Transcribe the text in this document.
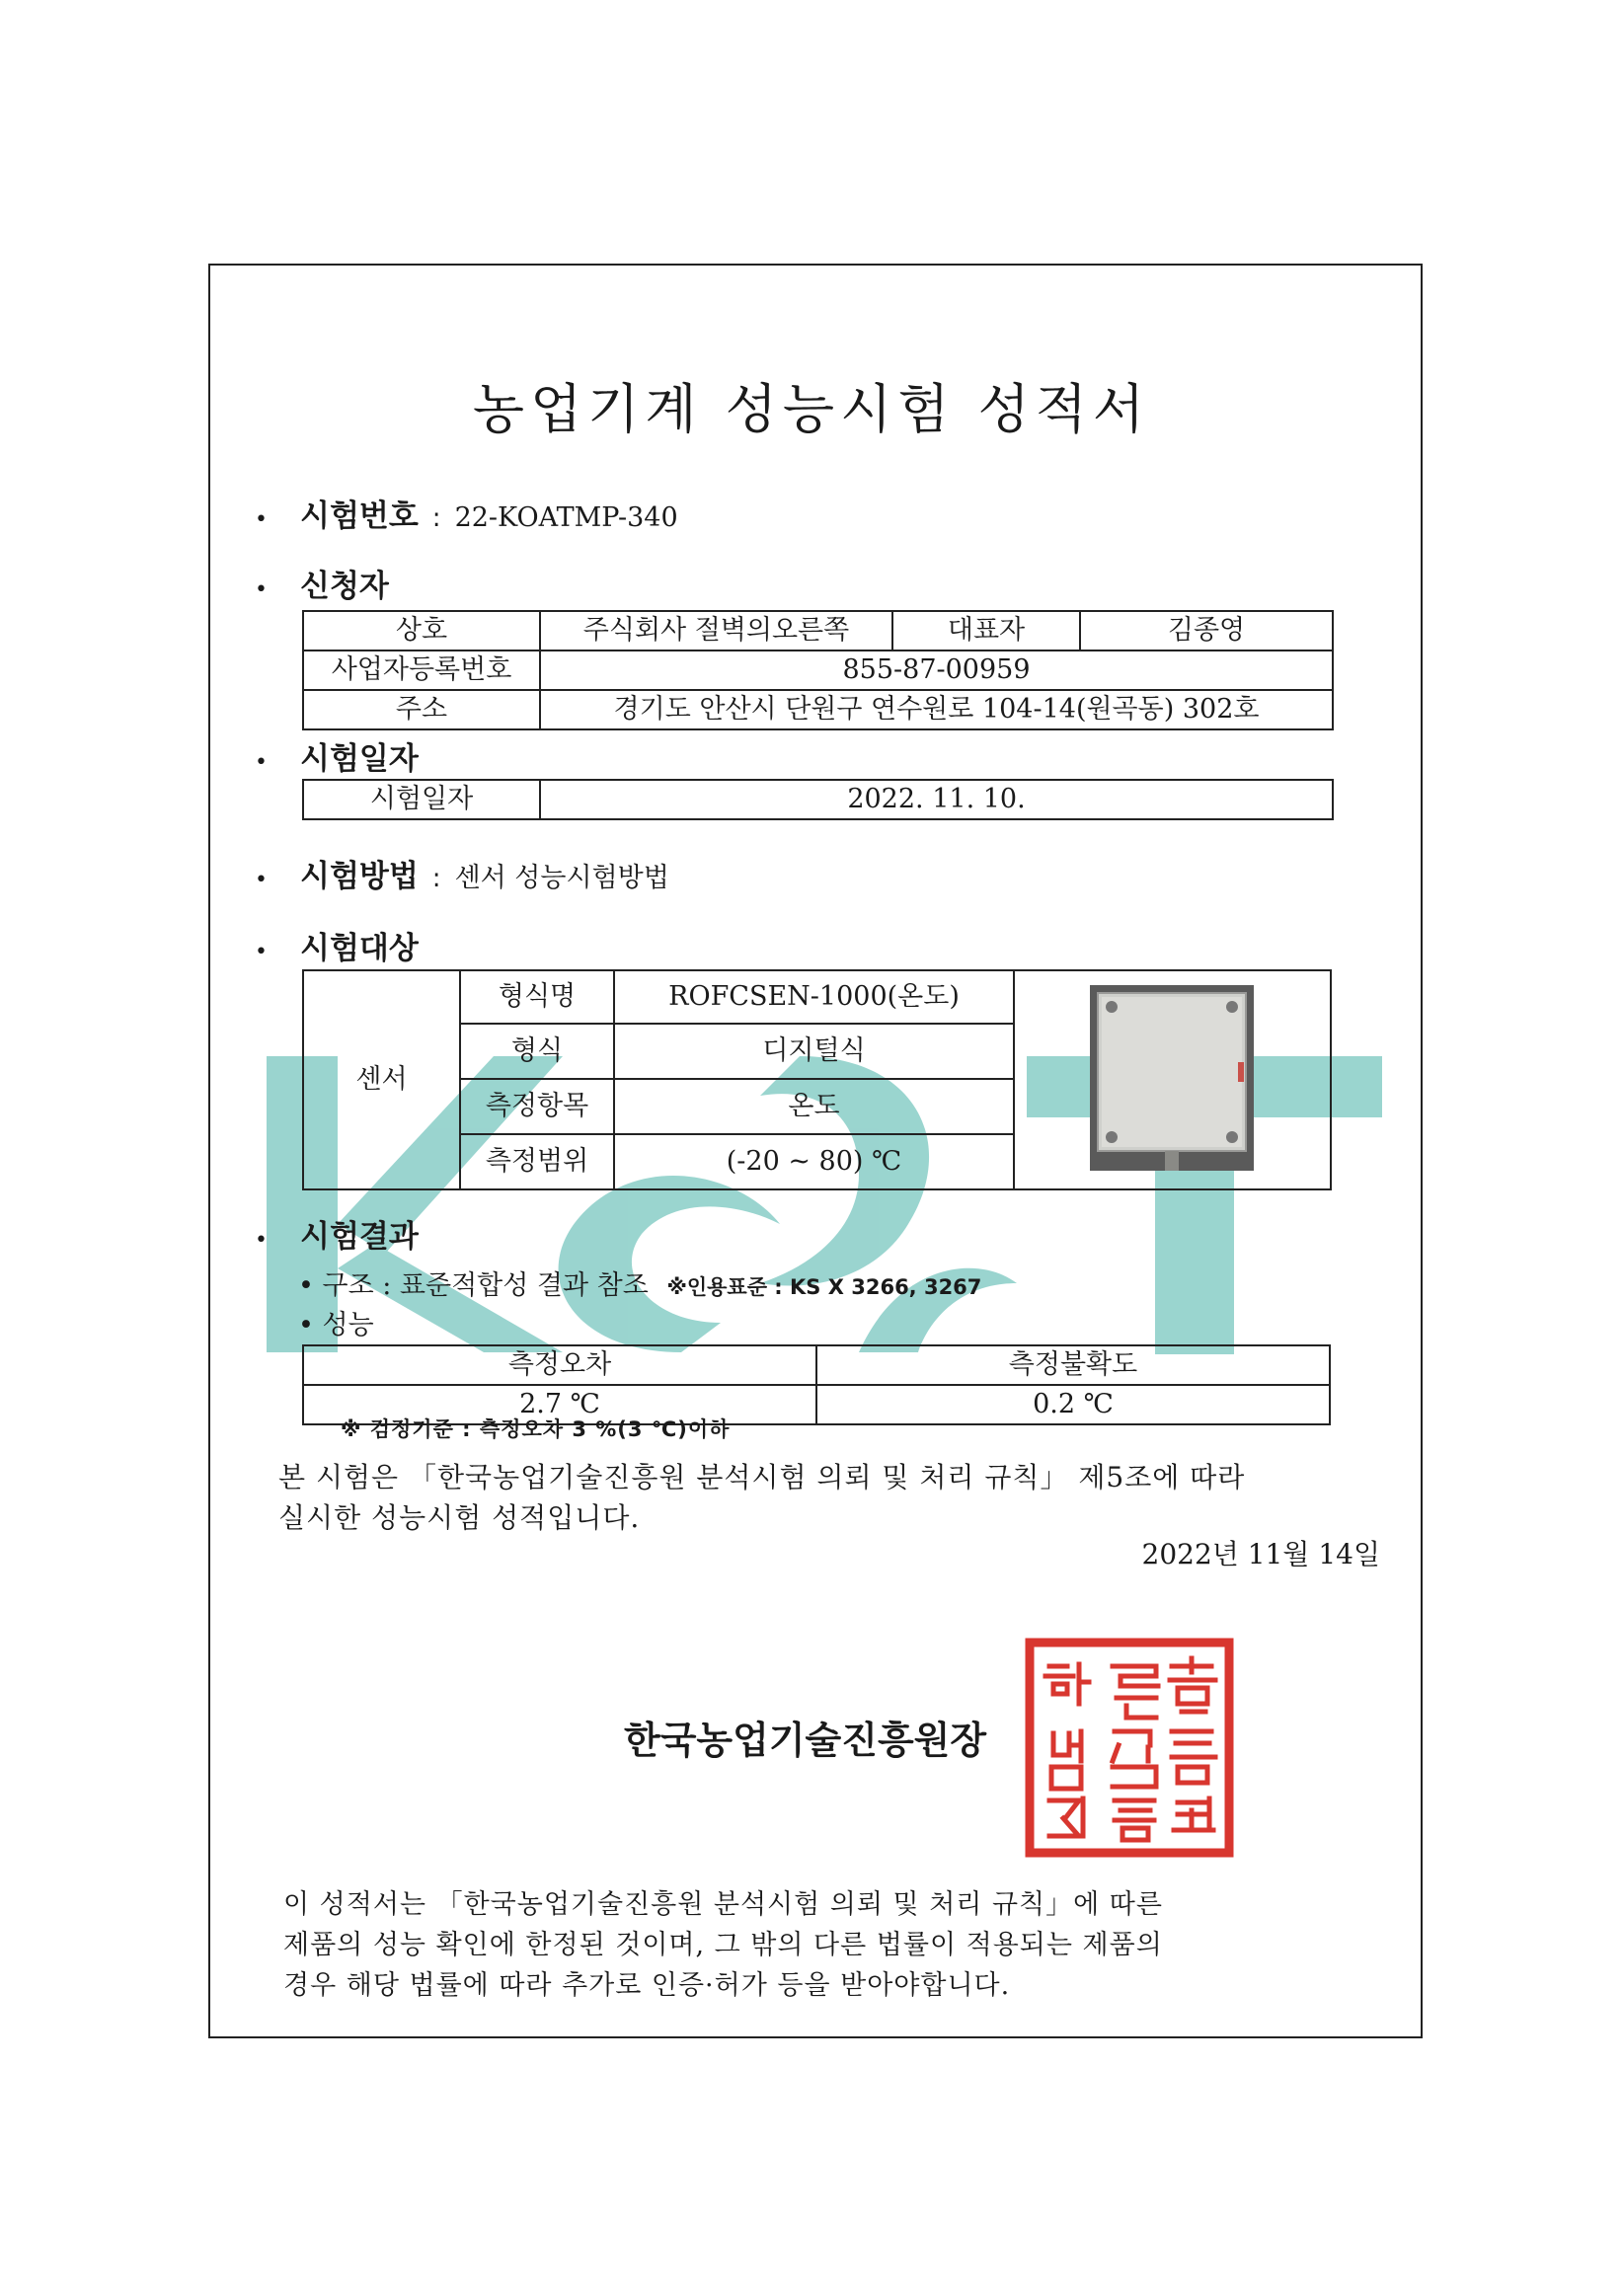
농업기계 성능시험 성적서
•	시험번호 : 22-KOATMP-340
•	신청자
상호	주식회사 절벽의오른쪽	대표자	김종영
사업자등록번호	855-87-00959		
주소	경기도 안산시 단원구 연수원로 104-14(원곡동) 302호		
•	시험일자
시험일자	2022. 11. 10.
•	시험방법 : 센서 성능시험방법
•	시험대상
센서	형식명	ROFCSEN-1000(온도)	

	형식	디지털식	
	측정항목	온도	
	측정범위	(-20 ~ 80) ℃	
•	시험결과
• 구조 : 표준적합성 결과 참조 ※인용표준 : KS X 3266, 3267
• 성능
측정오차	측정불확도
2.7 ℃	0.2 ℃
※ 검정기준 : 측정오차 3 %(3 ℃)이하
본 시험은 「한국농업기술진흥원 분석시험 의뢰 및 처리 규칙」 제5조에 따라
실시한 성능시험 성적입니다.
2022년 11월 14일
한국농업기술진흥원장
이 성적서는 「한국농업기술진흥원 분석시험 의뢰 및 처리 규칙」에 따른
제품의 성능 확인에 한정된 것이며, 그 밖의 다른 법률이 적용되는 제품의
경우 해당 법률에 따라 추가로 인증·허가 등을 받아야합니다.
